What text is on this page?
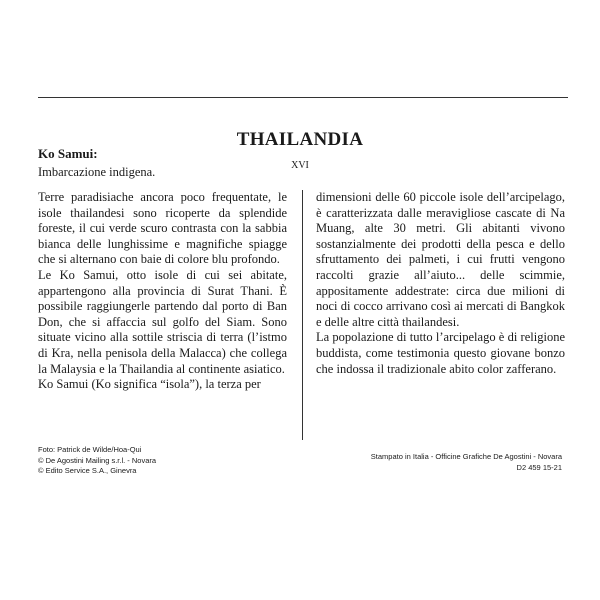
Ko Samui:
Imbarcazione indigena.
THAILANDIA
XVI

Terre paradisiache ancora poco frequentate, le isole thailandesi sono ricoperte da splendide foreste, il cui verde scuro contrasta con la sabbia bianca delle lunghissime e magnifiche spiagge che si alternano con baie di colore blu profondo.

Le Ko Samui, otto isole di cui sei abitate, appartengono alla provincia di Surat Thani. È possibile raggiungerle partendo dal porto di Ban Don, che si affaccia sul golfo del Siam. Sono situate vicino alla sottile striscia di terra (l’istmo di Kra, nella penisola della Malacca) che collega la Malaysia e la Thailandia al continente asiatico.

Ko Samui (Ko significa “isola”), la terza per

dimensioni delle 60 piccole isole dell’arcipelago, è caratterizzata dalle meravigliose cascate di Na Muang, alte 30 metri. Gli abitanti vivono sostanzialmente dei prodotti della pesca e dello sfruttamento dei palmeti, i cui frutti vengono raccolti grazie all’aiuto... delle scimmie, appositamente addestrate: circa due milioni di noci di cocco arrivano così ai mercati di Bangkok e delle altre città thailandesi.

La popolazione di tutto l’arcipelago è di religione buddista, come testimonia questo giovane bonzo che indossa il tradizionale abito color zafferano.

Foto: Patrick de Wilde/Hoa-Qui
© De Agostini Mailing s.r.l. - Novara
© Edito Service S.A., Ginevra
Stampato in Italia - Officine Grafiche De Agostini - Novara
D2 459 15-21
